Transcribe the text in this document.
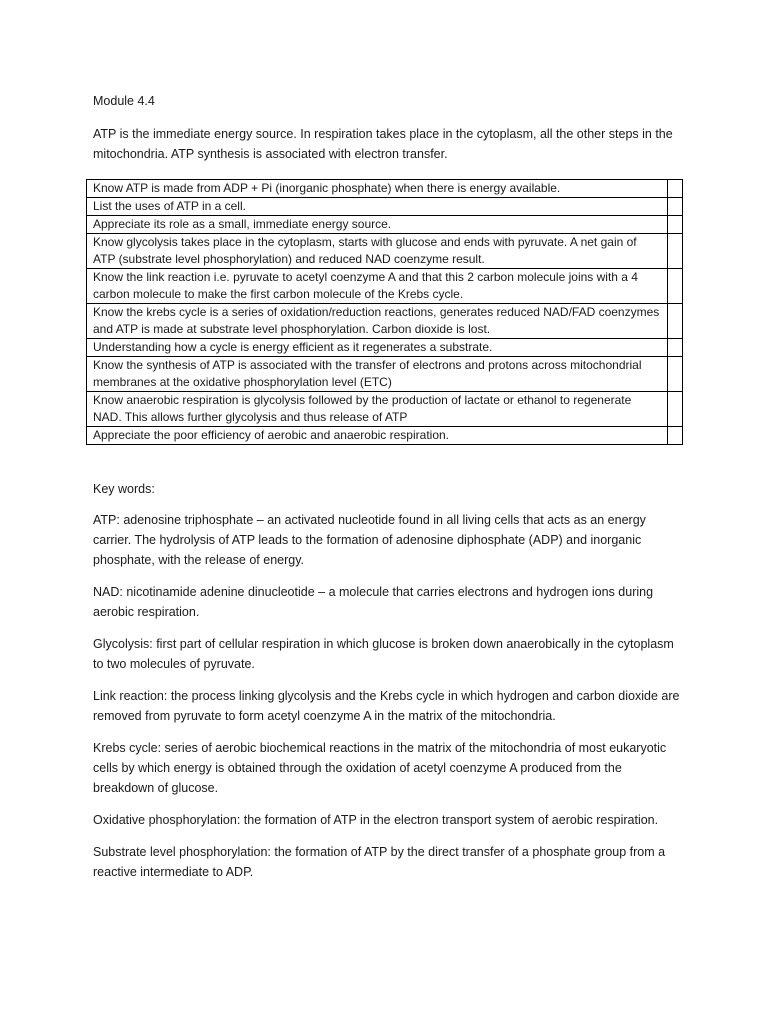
Module 4.4
ATP is the immediate energy source. In respiration takes place in the cytoplasm, all the other steps in the mitochondria. ATP synthesis is associated with electron transfer.
Know ATP is made from ADP + Pi (inorganic phosphate) when there is energy available.	
List the uses of ATP in a cell.	
Appreciate its role as a small, immediate energy source.	
Know glycolysis takes place in the cytoplasm, starts with glucose and ends with pyruvate. A net gain of ATP (substrate level phosphorylation) and reduced NAD coenzyme result.	
Know the link reaction i.e. pyruvate to acetyl coenzyme A and that this 2 carbon molecule joins with a 4 carbon molecule to make the first carbon molecule of the Krebs cycle.	
Know the krebs cycle is a series of oxidation/reduction reactions, generates reduced NAD/FAD coenzymes and ATP is made at substrate level phosphorylation. Carbon dioxide is lost.	
Understanding how a cycle is energy efficient as it regenerates a substrate.	
Know the synthesis of ATP is associated with the transfer of electrons and protons across mitochondrial membranes at the oxidative phosphorylation level (ETC)	
Know anaerobic respiration is glycolysis followed by the production of lactate or ethanol to regenerate NAD. This allows further glycolysis and thus release of ATP	
Appreciate the poor efficiency of aerobic and anaerobic respiration.	
Key words:

ATP: adenosine triphosphate – an activated nucleotide found in all living cells that acts as an energy carrier. The hydrolysis of ATP leads to the formation of adenosine diphosphate (ADP) and inorganic phosphate, with the release of energy.

NAD: nicotinamide adenine dinucleotide – a molecule that carries electrons and hydrogen ions during aerobic respiration.

Glycolysis: first part of cellular respiration in which glucose is broken down anaerobically in the cytoplasm to two molecules of pyruvate.

Link reaction: the process linking glycolysis and the Krebs cycle in which hydrogen and carbon dioxide are removed from pyruvate to form acetyl coenzyme A in the matrix of the mitochondria.

Krebs cycle: series of aerobic biochemical reactions in the matrix of the mitochondria of most eukaryotic cells by which energy is obtained through the oxidation of acetyl coenzyme A produced from the breakdown of glucose.

Oxidative phosphorylation: the formation of ATP in the electron transport system of aerobic respiration.

Substrate level phosphorylation: the formation of ATP by the direct transfer of a phosphate group from a reactive intermediate to ADP.
